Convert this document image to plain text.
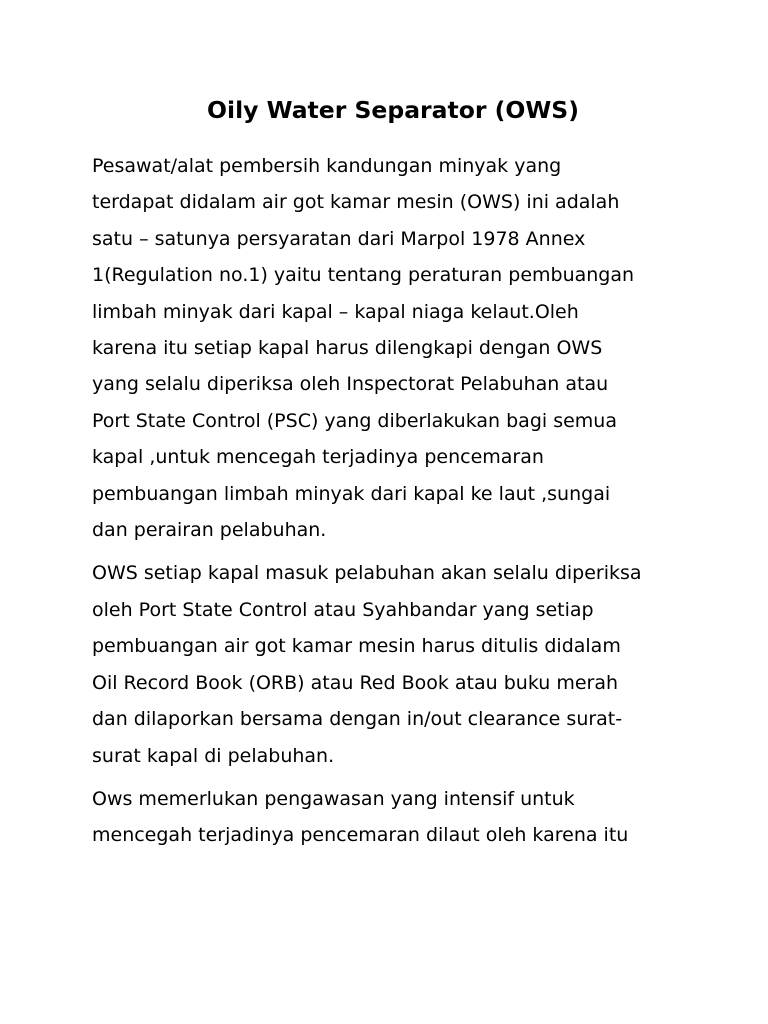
Oily Water Separator (OWS)

Pesawat/alat pembersih kandungan minyak yang
terdapat didalam air got kamar mesin (OWS) ini adalah
satu – satunya persyaratan dari Marpol 1978 Annex
1(Regulation no.1) yaitu tentang peraturan pembuangan
limbah minyak dari kapal – kapal niaga kelaut.Oleh
karena itu setiap kapal harus dilengkapi dengan OWS
yang selalu diperiksa oleh Inspectorat Pelabuhan atau
Port State Control (PSC) yang diberlakukan bagi semua
kapal ,untuk mencegah terjadinya pencemaran
pembuangan limbah minyak dari kapal ke laut ,sungai
dan perairan pelabuhan.

OWS setiap kapal masuk pelabuhan akan selalu diperiksa
oleh Port State Control atau Syahbandar yang setiap
pembuangan air got kamar mesin harus ditulis didalam
Oil Record Book (ORB) atau Red Book atau buku merah
dan dilaporkan bersama dengan in/out clearance surat-
surat kapal di pelabuhan.

Ows memerlukan pengawasan yang intensif untuk
mencegah terjadinya pencemaran dilaut oleh karena itu
